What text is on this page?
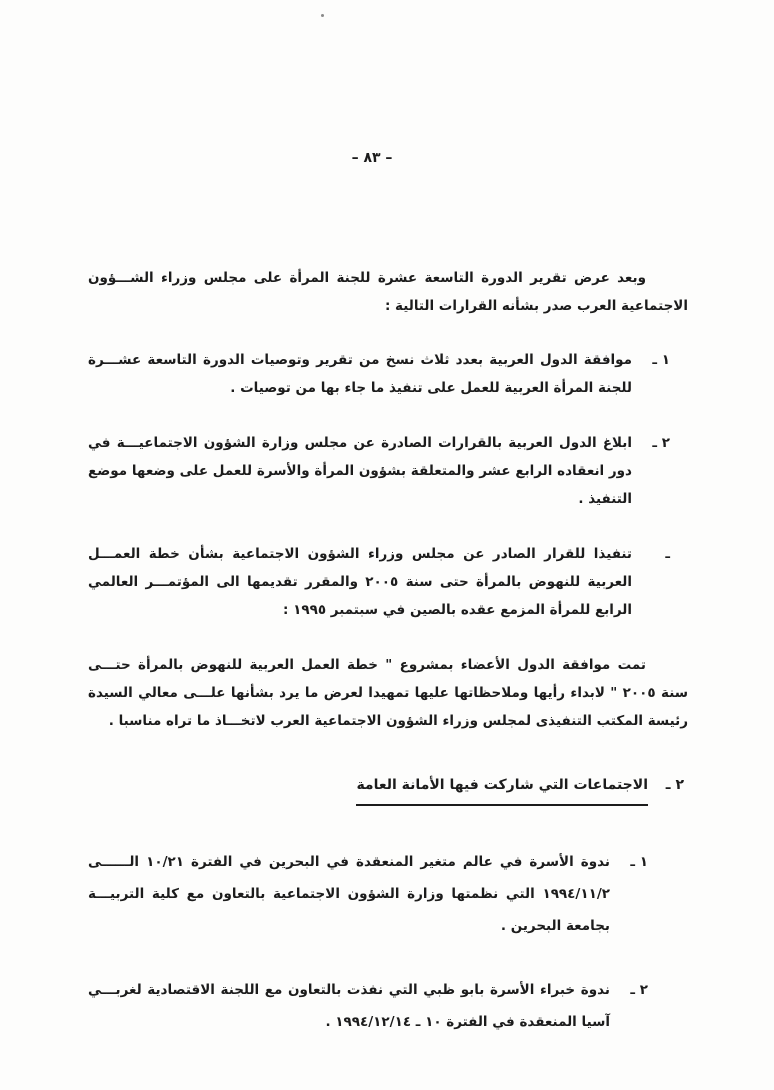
– ٨٣ –

وبعد عرض تقرير الدورة التاسعة عشرة للجنة المرأة على مجلس وزراء الشـــؤون الاجتماعية العرب صدر بشأنه القرارات التالية :

١ ـ
موافقة الدول العربية بعدد ثلاث نسخ من تقرير وتوصيات الدورة التاسعة عشـــرة للجنة المرأة العربية للعمل على تنفيذ ما جاء بها من توصيات .
٢ ـ
ابلاغ الدول العربية بالقرارات الصادرة عن مجلس وزارة الشؤون الاجتماعيـــة في دور انعقاده الرابع عشر والمتعلقة بشؤون المرأة والأسرة للعمل على وضعها موضع التنفيذ .
ـ
تنفيذا للقرار الصادر عن مجلس وزراء الشؤون الاجتماعية بشأن خطة العمـــل العربية للنهوض بالمرأة حتى سنة ٢٠٠٥ والمقرر تقديمها الى المؤتمـــر العالمي الرابع للمرأة المزمع عقده بالصين في سبتمبر ١٩٩٥ :

تمت موافقة الدول الأعضاء بمشروع " خطة العمل العربية للنهوض بالمرأة حتـــى سنة ٢٠٠٥ " لابداء رأيها وملاحظاتها عليها تمهيدا لعرض ما يرد بشأنها علـــى معالي السيدة رئيسة المكتب التنفيذى لمجلس وزراء الشؤون الاجتماعية العرب لاتخـــاذ ما تراه مناسبا .

٢ ـ
الاجتماعات التي شاركت فيها الأمانة العامة
١ ـ
ندوة الأسرة في عالم متغير المنعقدة في البحرين في الفترة ١٠/٢١ الــــــى ١٩٩٤/١١/٢ التي نظمتها وزارة الشؤون الاجتماعية بالتعاون مع كلية التربيـــة بجامعة البحرين .
٢ ـ
ندوة خبراء الأسرة بابو ظبي التي نفذت بالتعاون مع اللجنة الاقتصادية لغربـــي آسيا المنعقدة في الفترة ١٠ ـ ١٩٩٤/١٢/١٤ .
